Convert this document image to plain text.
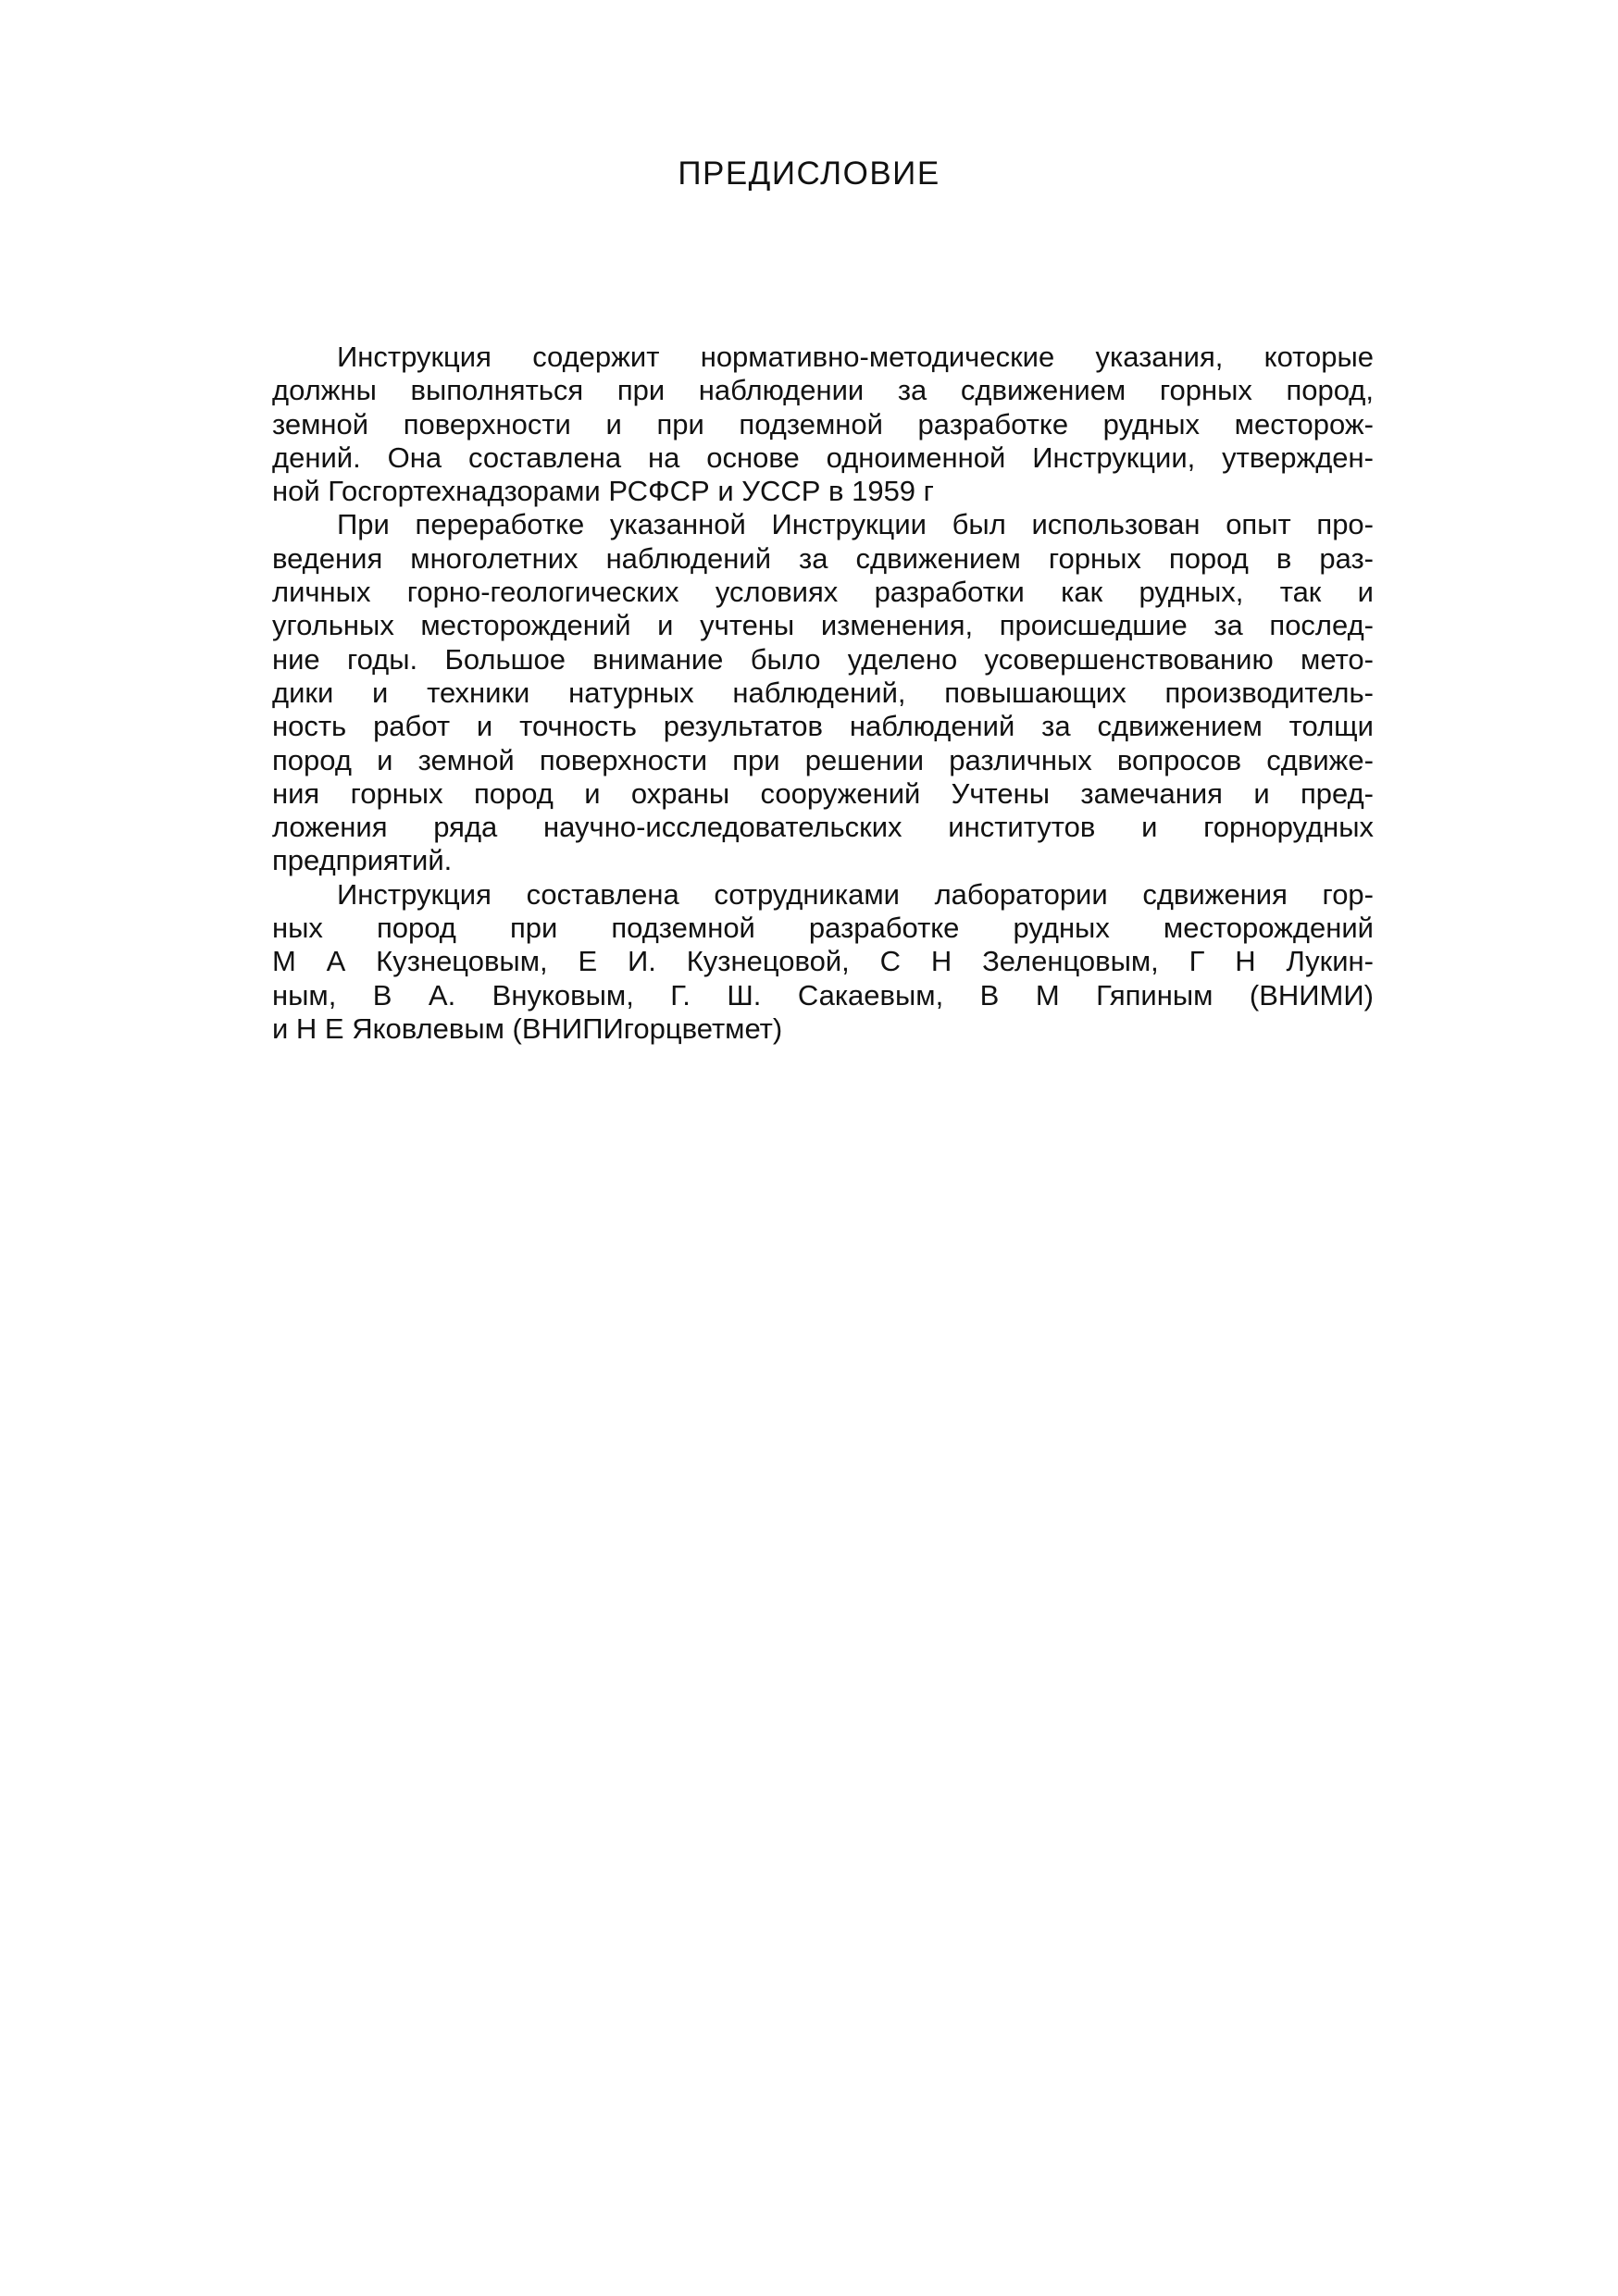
ПРЕДИСЛОВИЕ

Инструкция содержит нормативно-методические указания, которые
должны выполняться при наблюдении за сдвижением горных пород,
земной поверхности и при подземной разработке рудных месторож-
дений. Она составлена на основе одноименной Инструкции, утвержден-
ной Госгортехнадзорами РСФСР и УССР в 1959 г

При переработке указанной Инструкции был использован опыт про-
ведения многолетних наблюдений за сдвижением горных пород в раз-
личных горно-геологических условиях разработки как рудных, так и
угольных месторождений и учтены изменения, происшедшие за послед-
ние годы. Большое внимание было уделено усовершенствованию мето-
дики и техники натурных наблюдений, повышающих производитель-
ность работ и точность результатов наблюдений за сдвижением толщи
пород и земной поверхности при решении различных вопросов сдвиже-
ния горных пород и охраны сооружений Учтены замечания и пред-
ложения ряда научно-исследовательских институтов и горнорудных
предприятий.

Инструкция составлена сотрудниками лаборатории сдвижения гор-
ных пород при подземной разработке рудных месторождений
М А Кузнецовым, Е И. Кузнецовой, С Н Зеленцовым, Г Н Лукин-
ным, В А. Внуковым, Г. Ш. Сакаевым, В М Гяпиным (ВНИМИ)
и Н Е Яковлевым (ВНИПИгорцветмет)
